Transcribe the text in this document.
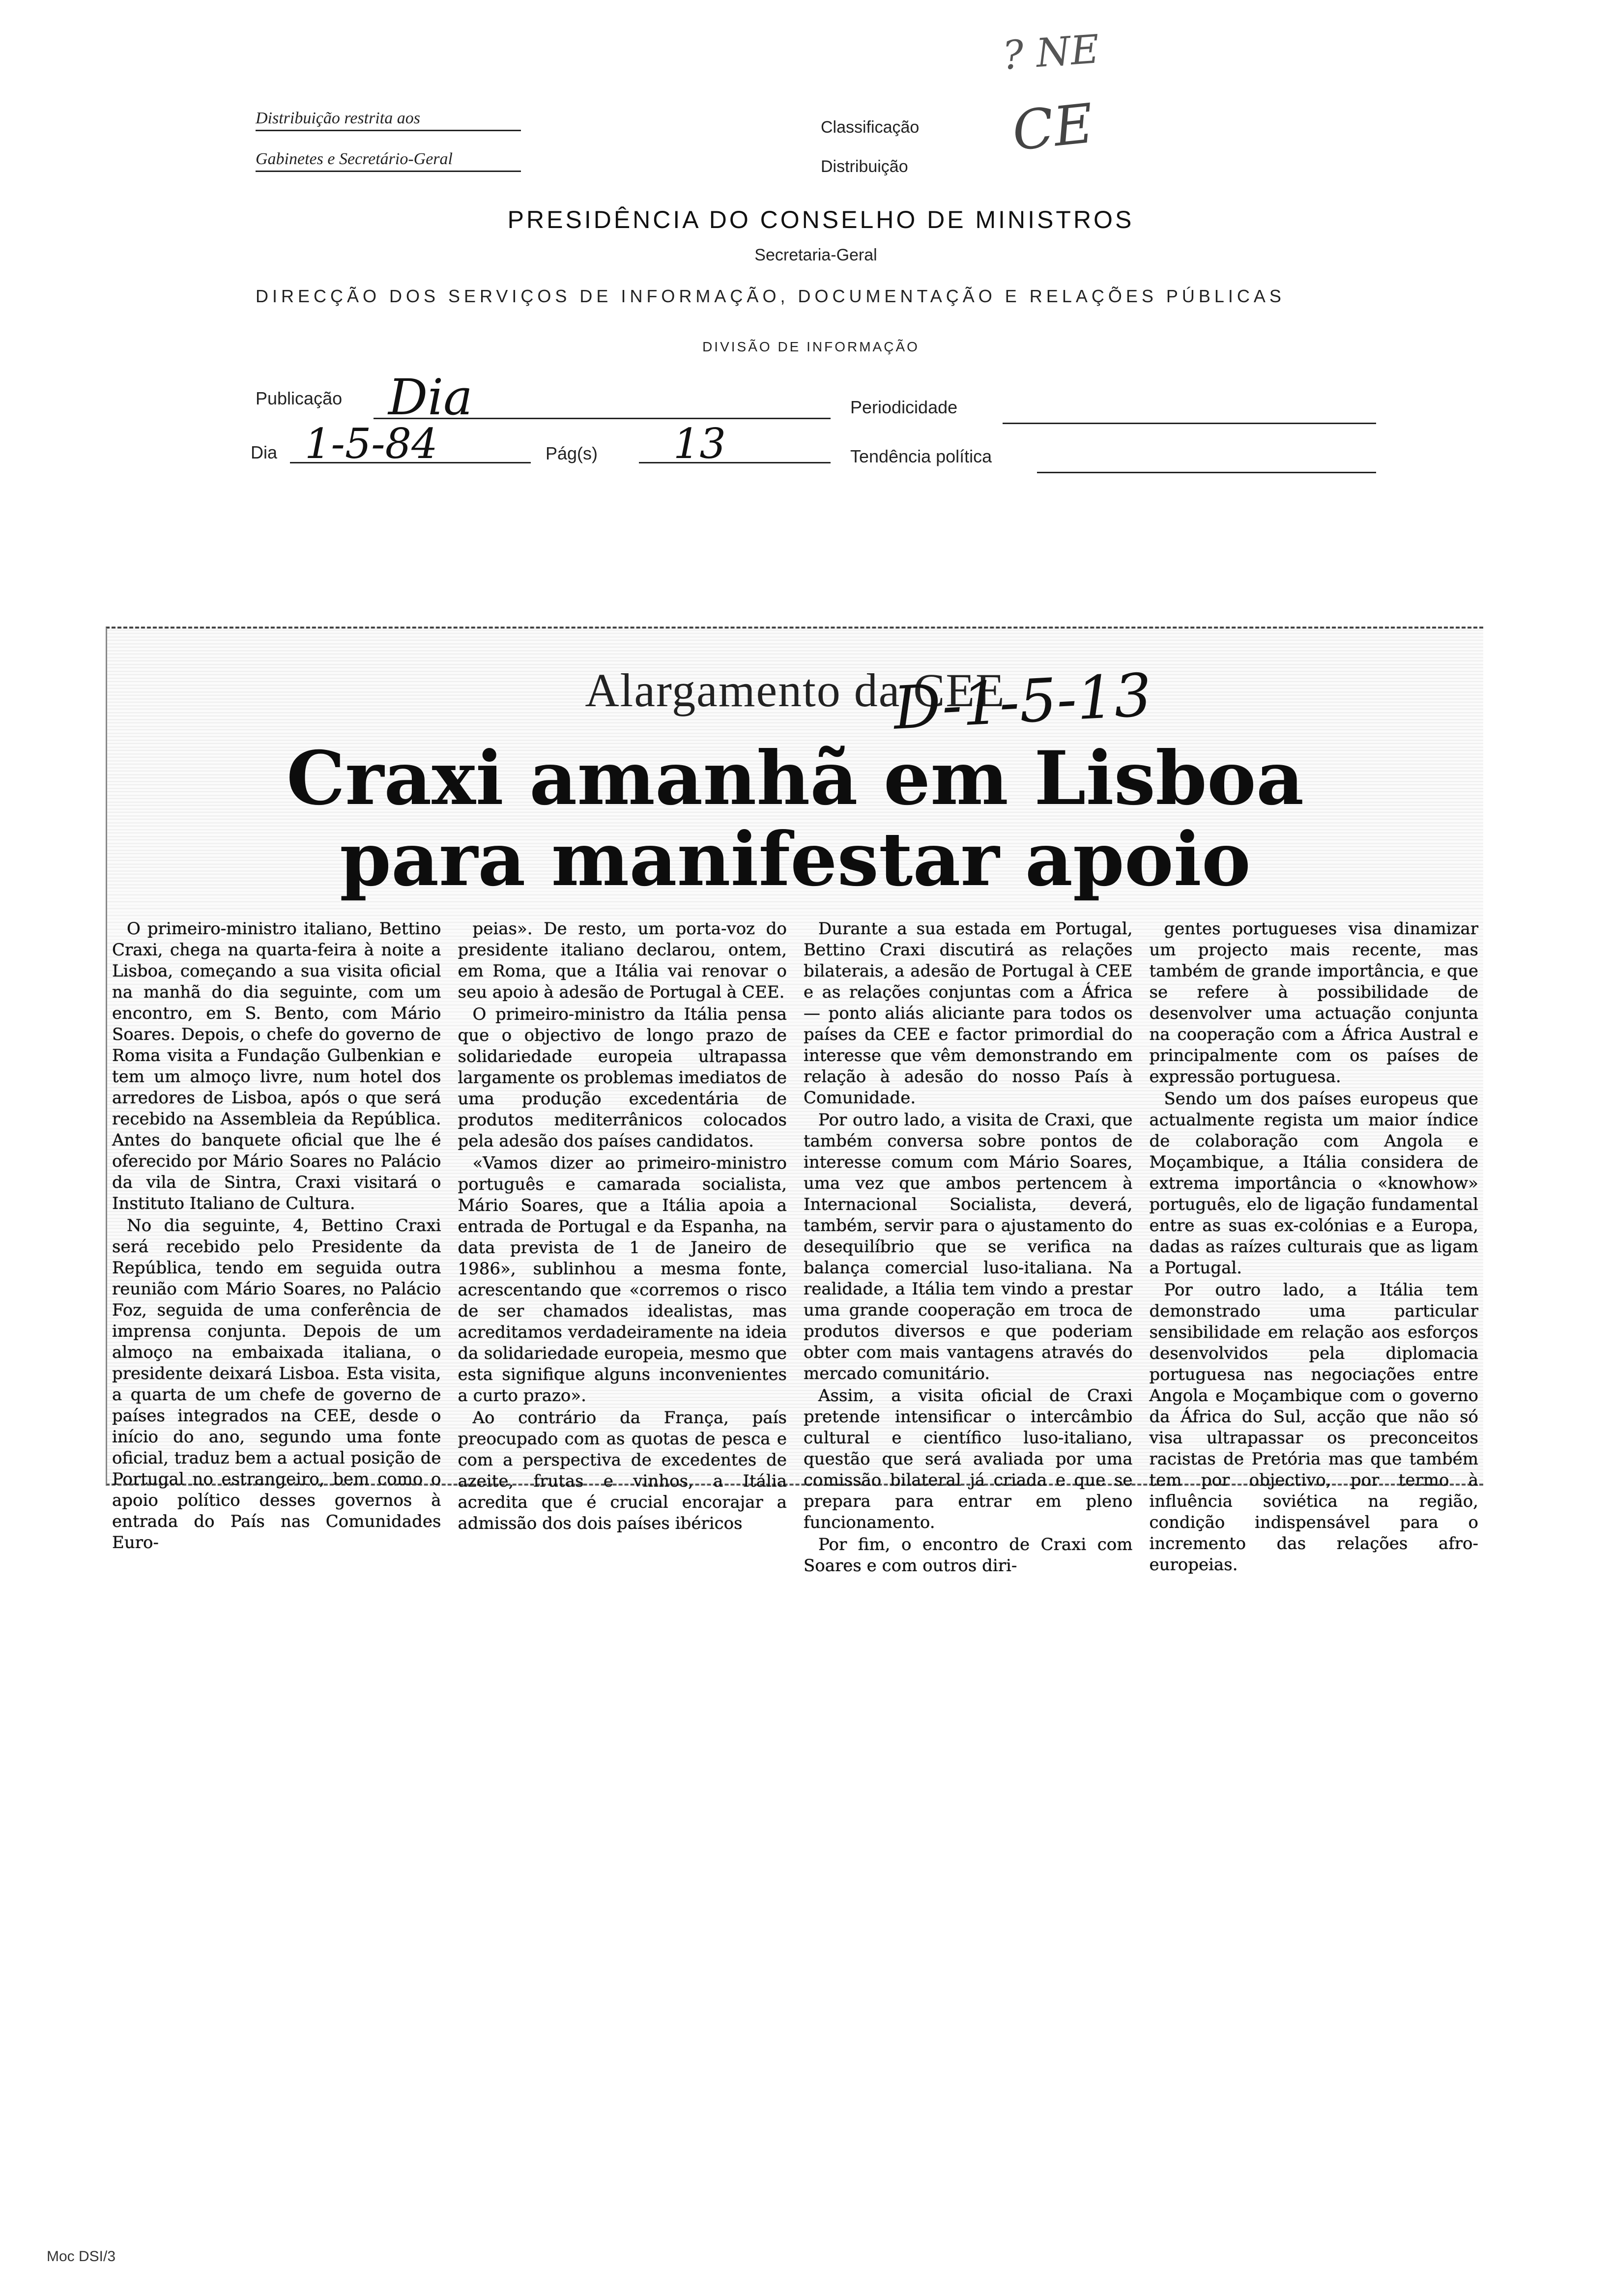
Distribuição restrita aos
Gabinetes e Secretário-Geral
Classificação
Distribuição
? NE
CE
PRESIDÊNCIA DO CONSELHO DE MINISTROS
Secretaria-Geral
DIRECÇÃO DOS SERVIÇOS DE INFORMAÇÃO, DOCUMENTAÇÃO E RELAÇÕES PÚBLICAS
DIVISÃO DE INFORMAÇÃO
Publicação Dia	Periodicidade
Dia 1-5-84	Pág(s)	13	Tendência política
Alargamento da CEE
D-1-5-13
Craxi amanhã em Lisboa
para manifestar apoio

O primeiro-ministro italiano, Bettino Craxi, chega na quarta-feira à noite a Lisboa, começando a sua visita oficial na manhã do dia seguinte, com um encontro, em S. Bento, com Mário Soares. Depois, o chefe do governo de Roma visita a Fundação Gulbenkian e tem um almoço livre, num hotel dos arredores de Lisboa, após o que será recebido na Assembleia da República. Antes do banquete oficial que lhe é oferecido por Mário Soares no Palácio da vila de Sintra, Craxi visitará o Instituto Italiano de Cultura.

No dia seguinte, 4, Bettino Craxi será recebido pelo Presidente da República, tendo em seguida outra reunião com Mário Soares, no Palácio Foz, seguida de uma conferência de imprensa conjunta. Depois de um almoço na embaixada italiana, o presidente deixará Lisboa. Esta visita, a quarta de um chefe de governo de países integrados na CEE, desde o início do ano, segundo uma fonte oficial, traduz bem a actual posição de Portugal no estrangeiro, bem como o apoio político desses governos à entrada do País nas Comunidades Euro-

peias». De resto, um porta-voz do presidente italiano declarou, ontem, em Roma, que a Itália vai renovar o seu apoio à adesão de Portugal à CEE.

O primeiro-ministro da Itália pensa que o objectivo de longo prazo de solidariedade europeia ultrapassa largamente os problemas imediatos de uma produção excedentária de produtos mediterrânicos colocados pela adesão dos países candidatos.

«Vamos dizer ao primeiro-ministro português e camarada socialista, Mário Soares, que a Itália apoia a entrada de Portugal e da Espanha, na data prevista de 1 de Janeiro de 1986», sublinhou a mesma fonte, acrescentando que «corremos o risco de ser chamados idealistas, mas acreditamos verdadeiramente na ideia da solidariedade europeia, mesmo que esta signifique alguns inconvenientes a curto prazo».

Ao contrário da França, país preocupado com as quotas de pesca e com a perspectiva de excedentes de azeite, frutas e vinhos, a Itália acredita que é crucial encorajar a admissão dos dois países ibéricos

Durante a sua estada em Portugal, Bettino Craxi discutirá as relações bilaterais, a adesão de Portugal à CEE e as relações conjuntas com a África — ponto aliás aliciante para todos os países da CEE e factor primordial do interesse que vêm demonstrando em relação à adesão do nosso País à Comunidade.

Por outro lado, a visita de Craxi, que também conversa sobre pontos de interesse comum com Mário Soares, uma vez que ambos pertencem à Internacional Socialista, deverá, também, servir para o ajustamento do desequilíbrio que se verifica na balança comercial luso-italiana. Na realidade, a Itália tem vindo a prestar uma grande cooperação em troca de produtos diversos e que poderiam obter com mais vantagens através do mercado comunitário.

Assim, a visita oficial de Craxi pretende intensificar o intercâmbio cultural e científico luso-italiano, questão que será avaliada por uma comissão bilateral já criada e que se prepara para entrar em pleno funcionamento.

Por fim, o encontro de Craxi com Soares e com outros diri-

gentes portugueses visa dinamizar um projecto mais recente, mas também de grande importância, e que se refere à possibilidade de desenvolver uma actuação conjunta na cooperação com a África Austral e principalmente com os países de expressão portuguesa.

Sendo um dos países europeus que actualmente regista um maior índice de colaboração com Angola e Moçambique, a Itália considera de extrema importância o «knowhow» português, elo de ligação fundamental entre as suas ex-colónias e a Europa, dadas as raízes culturais que as ligam a Portugal.

Por outro lado, a Itália tem demonstrado uma particular sensibilidade em relação aos esforços desenvolvidos pela diplomacia portuguesa nas negociações entre Angola e Moçambique com o governo da África do Sul, acção que não só visa ultrapassar os preconceitos racistas de Pretória mas que também tem por objectivo, por termo à influência soviética na região, condição indispensável para o incremento das relações afro-europeias.

Moc DSI/3
